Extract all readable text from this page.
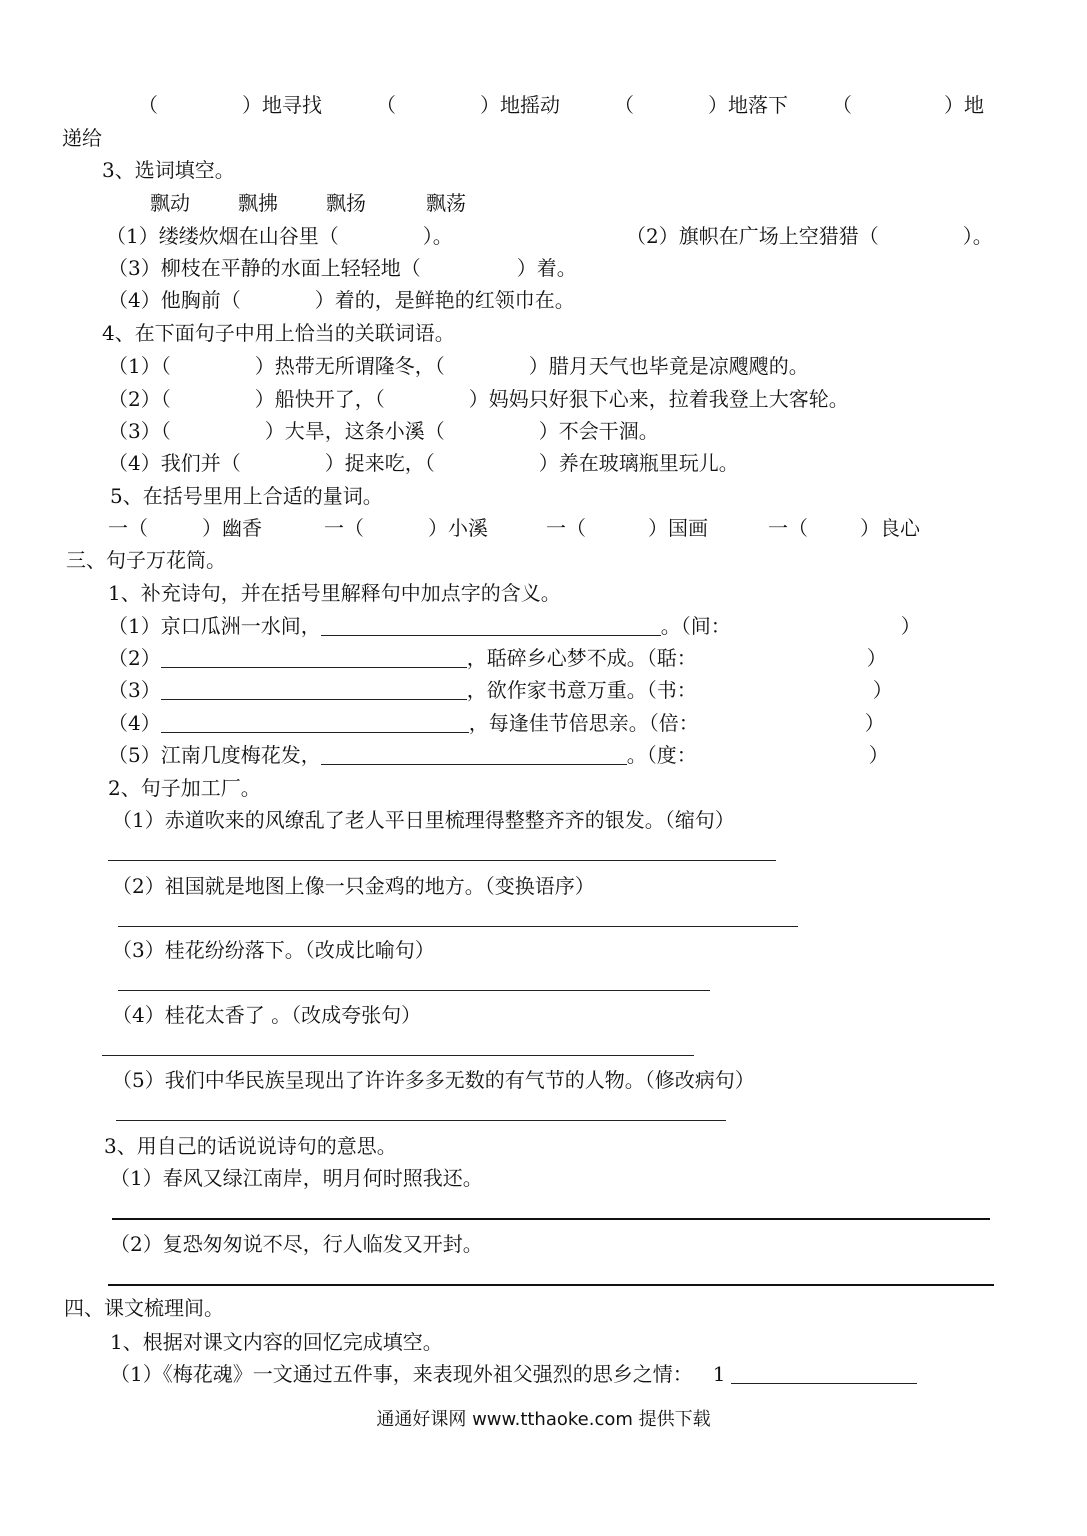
（	）地寻找	（	）地摇动	（	）地落下 （	）地
递给
3、选词填空。
飘动 飘拂 飘扬	飘荡
（1）缕缕炊烟在山谷里（	）。	（2）旗帜在广场上空猎猎（	）。
（3）柳枝在平静的水面上轻轻地（	）着。
（4）他胸前（	）着的，是鲜艳的红领巾在。
4、在下面句子中用上恰当的关联词语。
（1）（	）热带无所谓隆冬，（	）腊月天气也毕竟是凉飕飕的。
（2）（	）船快开了，（	）妈妈只好狠下心来，拉着我登上大客轮。
（3）（	）大旱，这条小溪（	）不会干涸。
（4）我们并（	）捉来吃，（	）养在玻璃瓶里玩儿。
5、在括号里用上合适的量词。
一（	）幽香	一（	）小溪	一（	）国画	一（	）良心
三、句子万花筒。
1、补充诗句，并在括号里解释句中加点字的含义。
（1）京口瓜洲一水间，	。（间：	）
（2）	，聒碎乡心梦不成。（聒：	）
（3）	，欲作家书意万重。（书：	）
（4）	，每逢佳节倍思亲。（倍：	）
（5）江南几度梅花发，	。（度：	）
2、句子加工厂。
（1）赤道吹来的风缭乱了老人平日里梳理得整整齐齐的银发。（缩句）
（2）祖国就是地图上像一只金鸡的地方。（变换语序）
（3）桂花纷纷落下。（改成比喻句）
（4）桂花太香了 。（改成夸张句）
（5）我们中华民族呈现出了许许多多无数的有气节的人物。（修改病句）
3、用自己的话说说诗句的意思。
（1）春风又绿江南岸，明月何时照我还。
（2）复恐匆匆说不尽，行人临发又开封。
四、课文梳理间。
1、根据对课文内容的回忆完成填空。
（1）《梅花魂》一文通过五件事，来表现外祖父强烈的思乡之情： 1
通通好课网 www.tthaoke.com 提供下载
